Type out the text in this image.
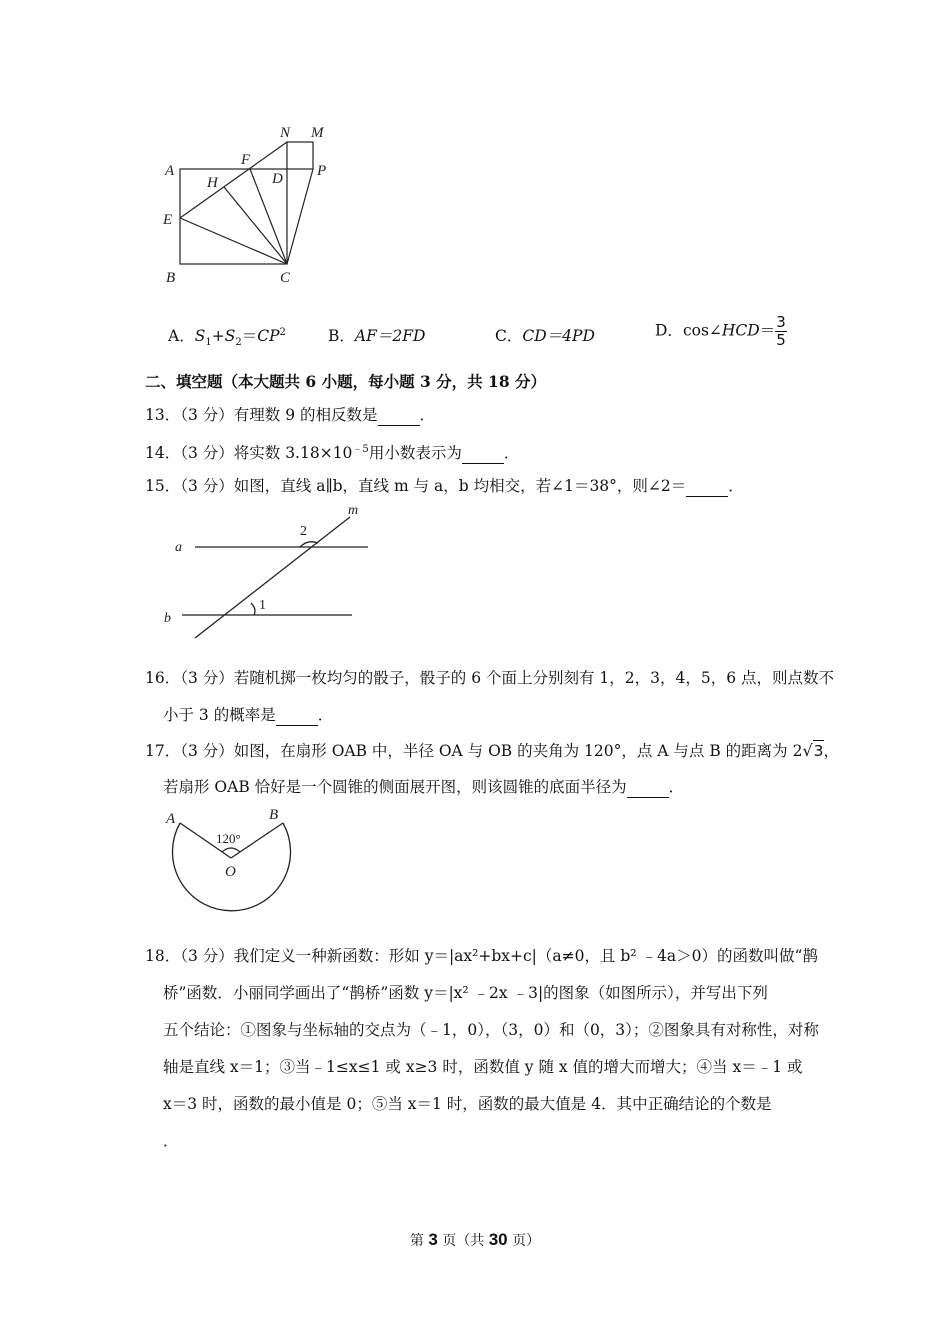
A
B	C
D
E
F
H
N M
P
A．$S_1+S_2=CP^2$	B．AF＝2FD	C．CD＝4PD	D．cos∠HCD＝ $\frac{3}{5}$
二、填空题（本大题共 6 小题，每小题 3 分，共 18 分）
13．（3 分）有理数 9 的相反数是	．
14．（3 分）将实数 $3.18\times 10^{﹣5}$用小数表示为	．
15．（3 分）如图，直线 a∥b，直线 m 与 a，b 均相交，若∠1＝38°，则∠2＝	．
a
b
m
2
1
16．（3 分）若随机掷一枚均匀的骰子，骰子的 6 个面上分别刻有 1，2，3，4，5，6 点，则点数不
小于 3 的概率是	．
17．（3 分）如图，在扇形 OAB 中，半径 OA 与 OB 的夹角为 120°，点 A 与点 B 的距离为 2√3，
若扇形 OAB 恰好是一个圆锥的侧面展开图，则该圆锥的底面半径为	．
A	B
O
120°
18．（3 分）我们定义一种新函数：形如 y＝|ax²+bx+c|（a≠0，且 b² ﹣4a＞0）的函数叫做“鹊
桥”函数．小丽同学画出了“鹊桥”函数 y＝|x² ﹣2x ﹣3|的图象（如图所示），并写出下列
五个结论：①图象与坐标轴的交点为（﹣1，0），（3，0）和（0，3）；②图象具有对称性，对称
轴是直线 x＝1；③当﹣1≤x≤1 或 x≥3 时，函数值 y 随 x 值的增大而增大；④当 x＝﹣1 或
x＝3 时，函数的最小值是 0；⑤当 x＝1 时，函数的最大值是 4．其中正确结论的个数是
．
第 3 页（共 30 页）
